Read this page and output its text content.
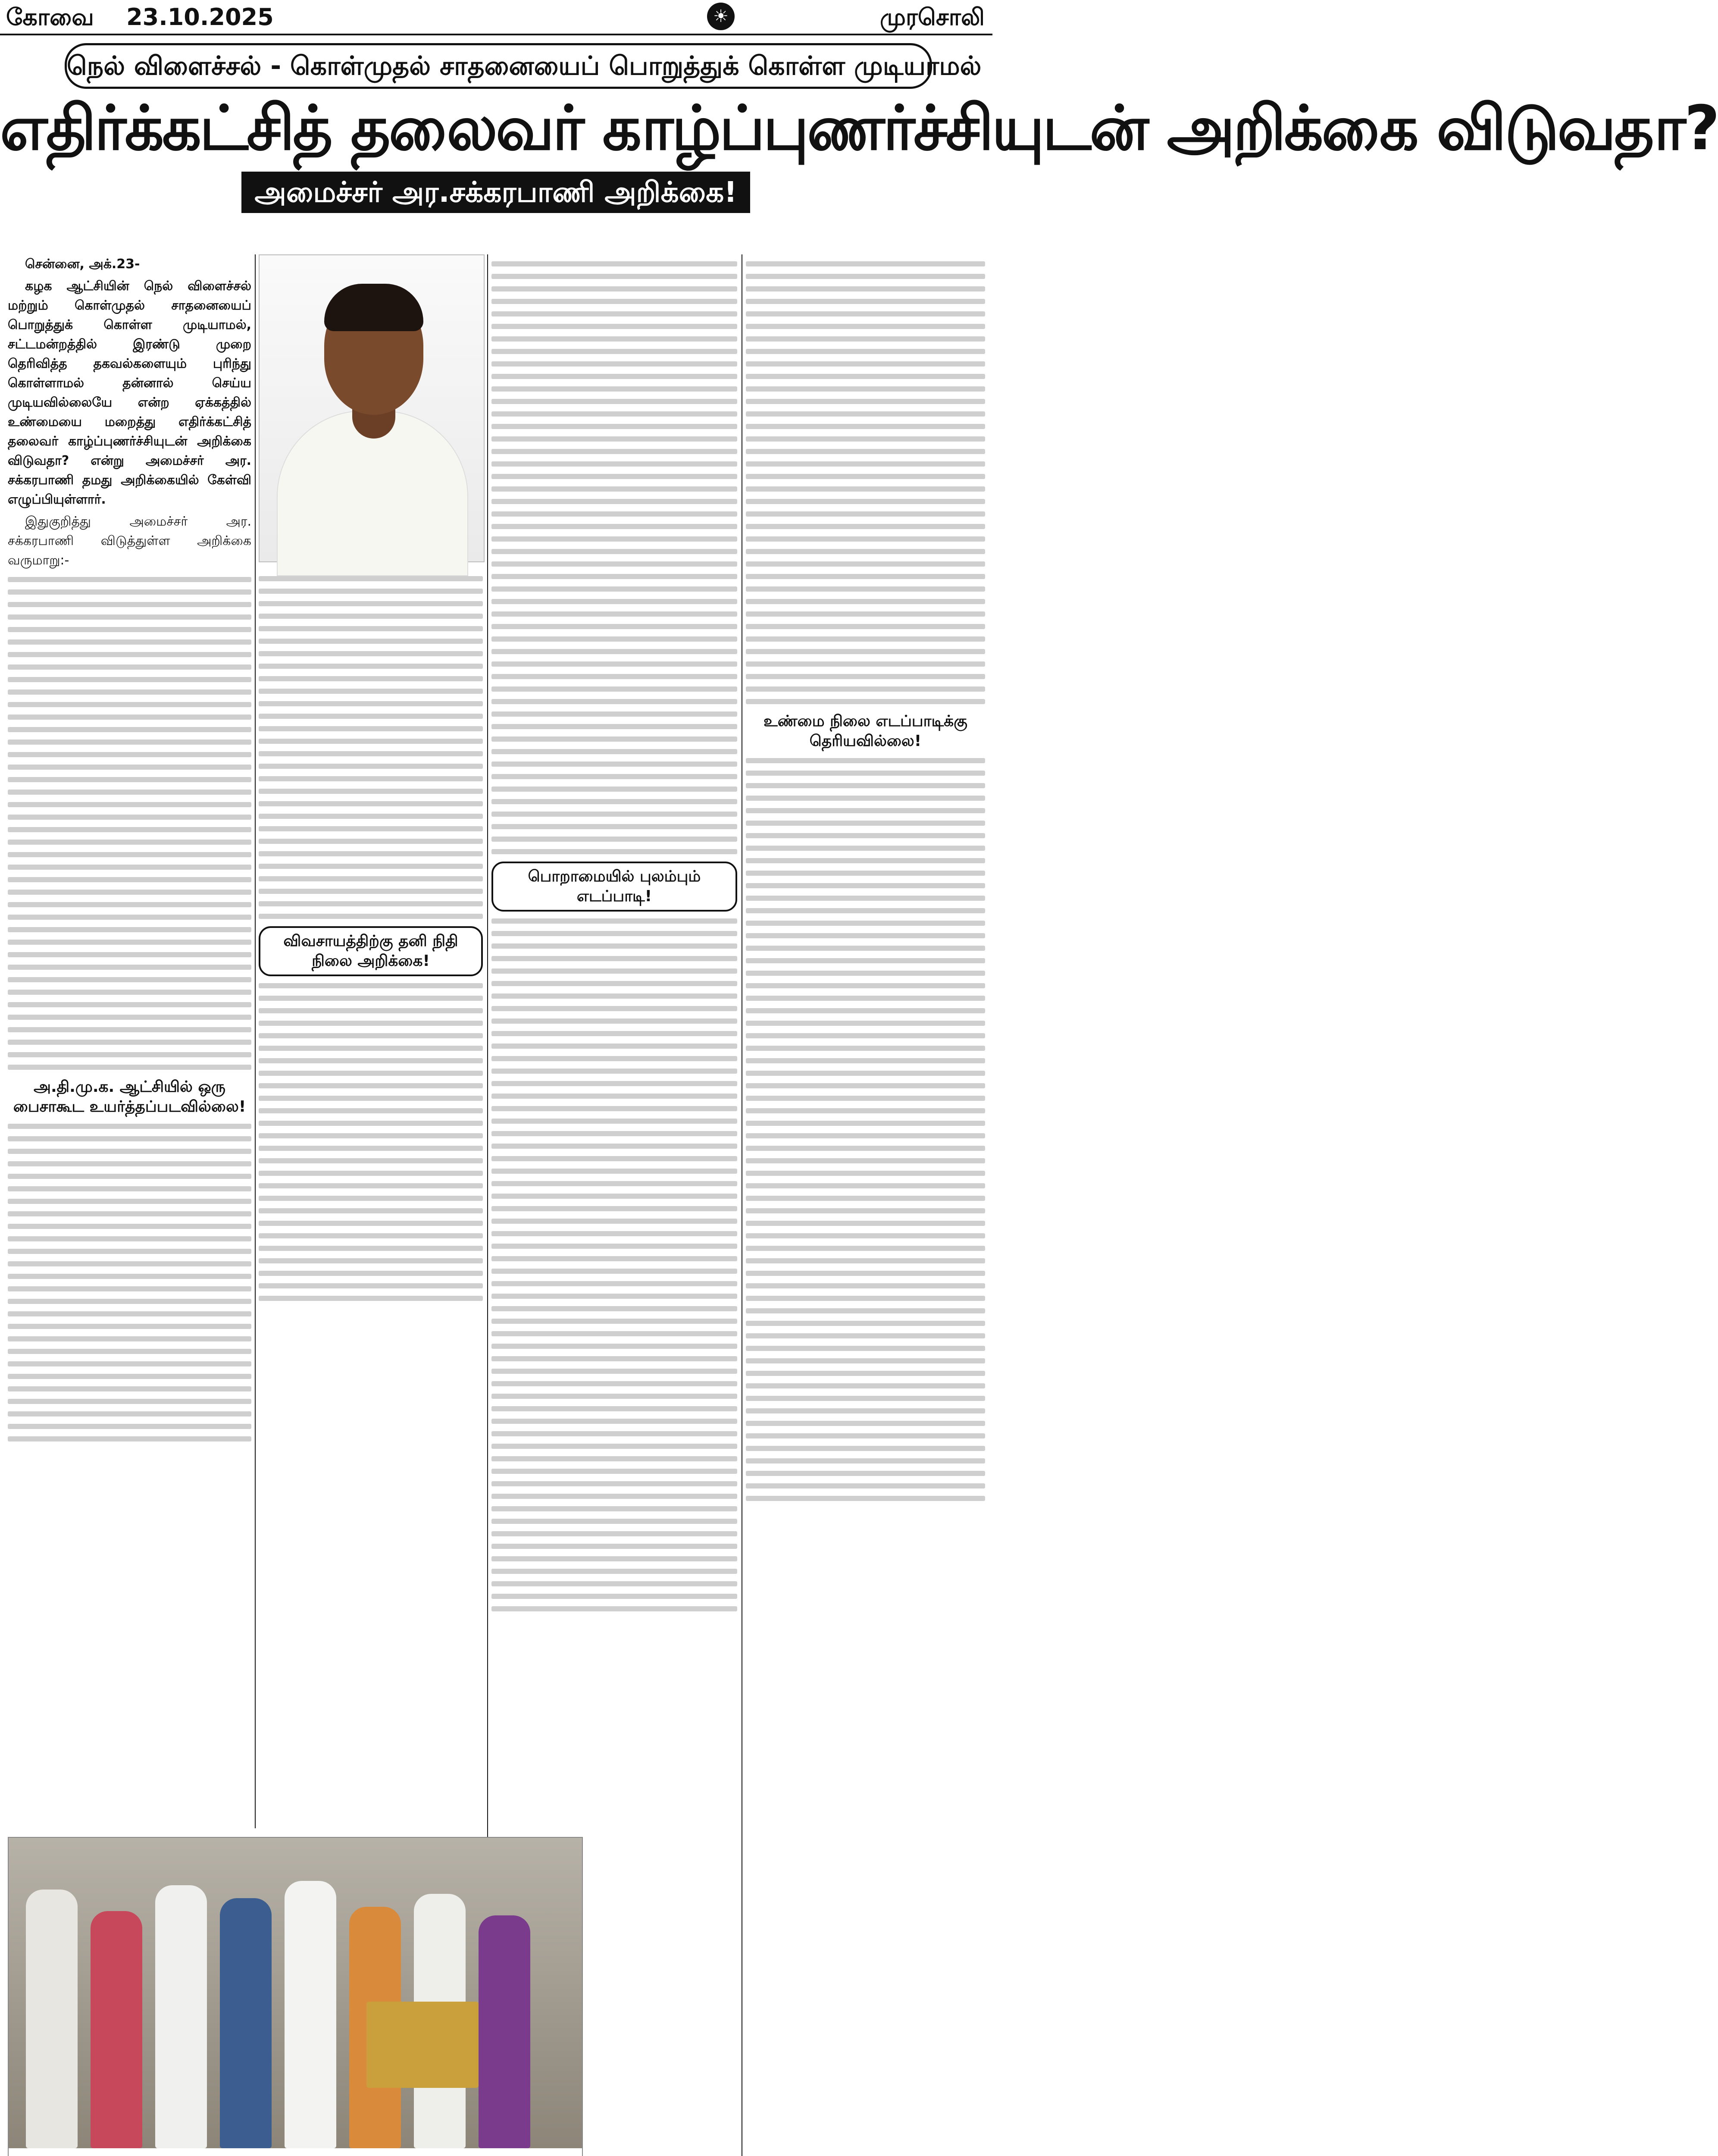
கோவை 23.10.2025	☀	முரசொலி
நெல் விளைச்சல் - கொள்முதல் சாதனையைப் பொறுத்துக் கொள்ள முடியாமல்
எதிர்க்கட்சித் தலைவர் காழ்ப்புணர்ச்சியுடன் அறிக்கை விடுவதா?
அமைச்சர் அர.சக்கரபாணி அறிக்கை!

சென்னை, அக்.23-

கழக ஆட்சியின் நெல் விளைச்சல் மற்றும் கொள்முதல் சாதனையைப் பொறுத்துக் கொள்ள முடியாமல், சட்டமன்றத்தில் இரண்டு முறை தெரிவித்த தகவல்களையும் புரிந்து கொள்ளாமல் தன்னால் செய்ய முடியவில்லையே என்ற ஏக்கத்தில் உண்மையை மறைத்து எதிர்க்கட்சித் தலைவர் காழ்ப்புணர்ச்சியுடன் அறிக்கை விடுவதா? என்று அமைச்சர் அர. சக்கரபாணி தமது அறிக்கையில் கேள்வி எழுப்பியுள்ளார்.

இதுகுறித்து அமைச்சர் அர. சக்கரபாணி விடுத்துள்ள அறிக்கை வருமாறு:-

அ.தி.மு.க. ஆட்சியில் ஒரு பைசாகூட உயர்த்தப்படவில்லை!
விவசாயத்திற்கு தனி நிதி நிலை அறிக்கை!
பொறாமையில் புலம்பும் எடப்பாடி!
உண்மை நிலை எடப்பாடிக்கு தெரியவில்லை!
